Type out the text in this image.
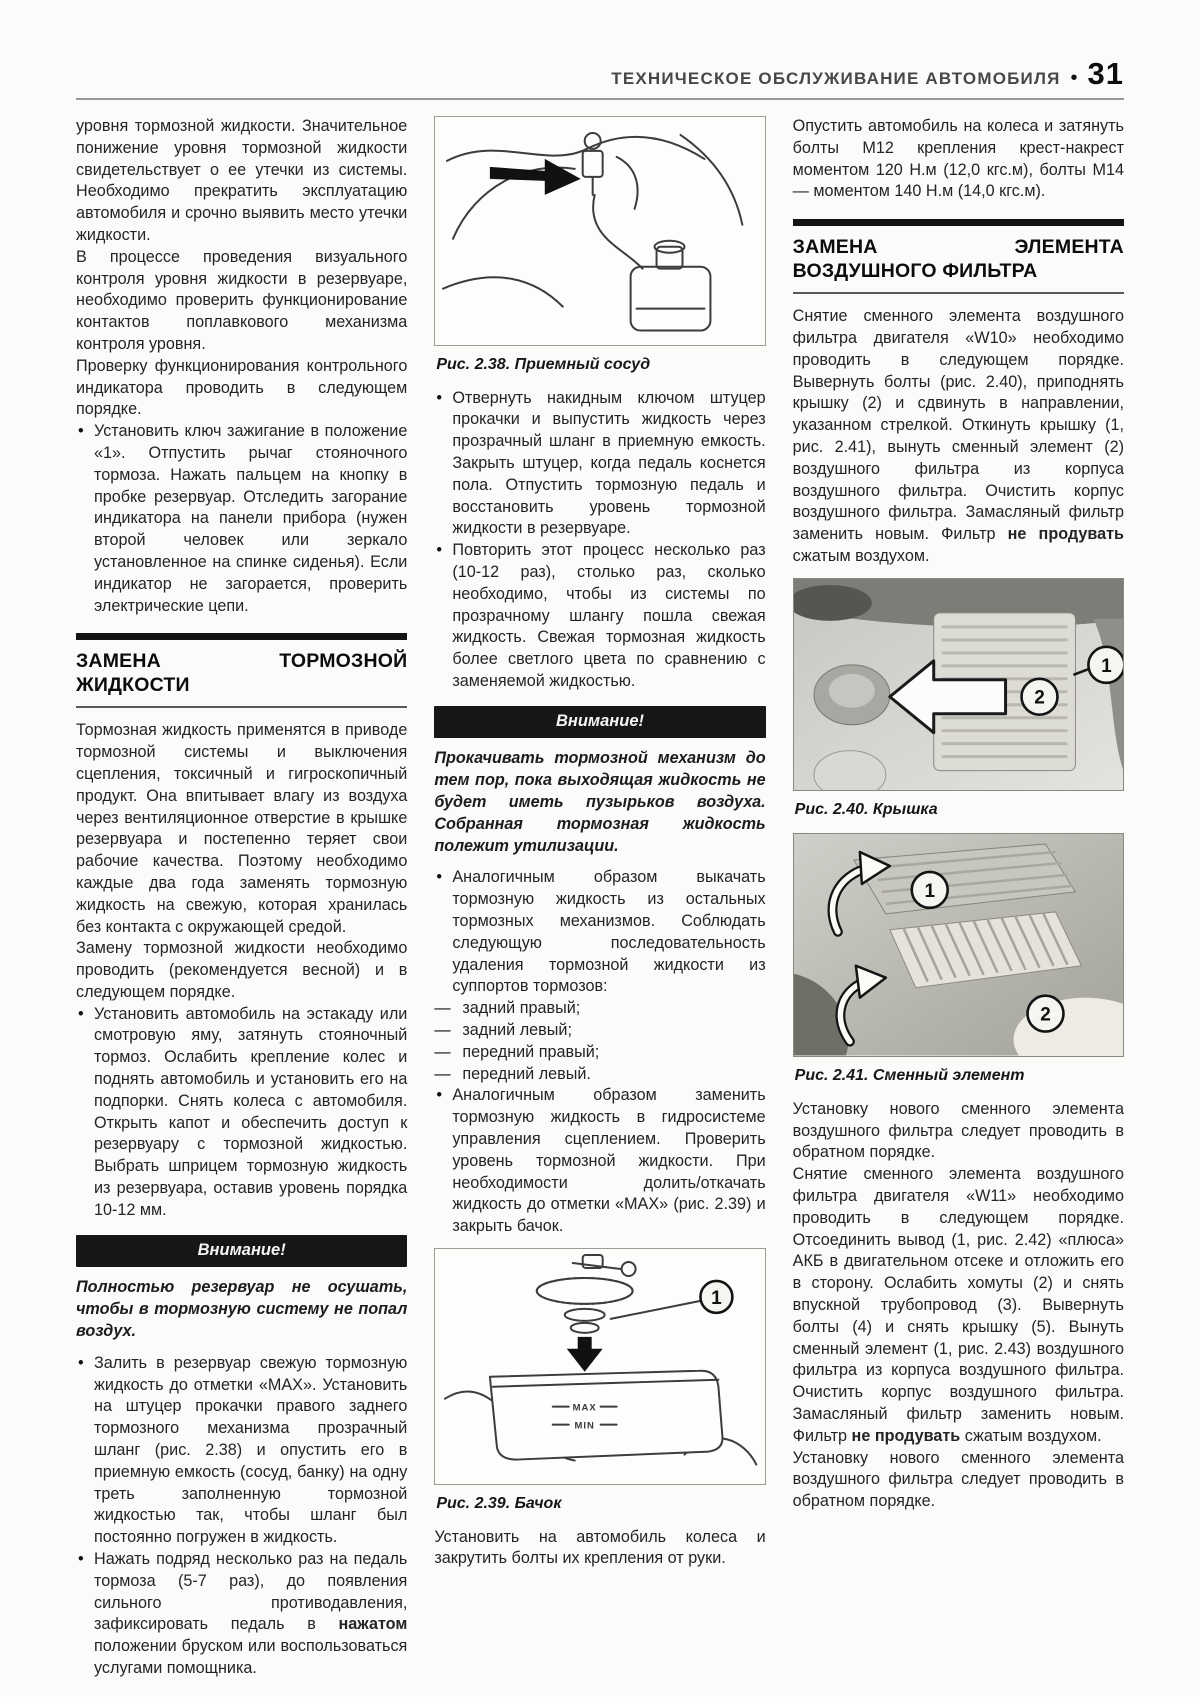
ТЕХНИЧЕСКОЕ ОБСЛУЖИВАНИЕ АВТОМОБИЛЯ • 31

уровня тормозной жидкости. Значительное понижение уровня тормозной жидкости свидетельствует о ее утечки из системы. Необходимо прекратить эксплуатацию автомобиля и срочно выявить место утечки жидкости.

В процессе проведения визуального контроля уровня жидкости в резервуаре, необходимо проверить функционирование контактов поплавкового механизма контроля уровня.

Проверку функционирования контрольного индикатора проводить в следующем порядке.

• Установить ключ зажигание в положение «1». Отпустить рычаг стояночного тормоза. Нажать пальцем на кнопку в пробке резервуар. Отследить загорание индикатора на панели прибора (нужен второй человек или зеркало установленное на спинке сиденья). Если индикатор не загорается, проверить электрические цепи.
ЗАМЕНА ТОРМОЗНОЙ ЖИДКОСТИ

Тормозная жидкость применятся в приводе тормозной системы и выключения сцепления, токсичный и гигроскопичный продукт. Она впитывает влагу из воздуха через вентиляционное отверстие в крышке резервуара и постепенно теряет свои рабочие качества. Поэтому необходимо каждые два года заменять тормозную жидкость на свежую, которая хранилась без контакта с окружающей средой.

Замену тормозной жидкости необходимо проводить (рекомендуется весной) и в следующем порядке.

• Установить автомобиль на эстакаду или смотровую яму, затянуть стояночный тормоз. Ослабить крепление колес и поднять автомобиль и установить его на подпорки. Снять колеса с автомобиля. Открыть капот и обеспечить доступ к резервуару с тормозной жидкостью. Выбрать шприцем тормозную жидкость из резервуара, оставив уровень порядка 10-12 мм.
Внимание!

Полностью резервуар не осушать, чтобы в тормозную систему не попал воздух.

• Залить в резервуар свежую тормозную жидкость до отметки «MAX». Установить на штуцер прокачки правого заднего тормозного механизма прозрачный шланг (рис. 2.38) и опустить его в приемную емкость (сосуд, банку) на одну треть заполненную тормозной жидкостью так, чтобы шланг был постоянно погружен в жидкость.
• Нажать подряд несколько раз на педаль тормоза (5-7 раз), до появления сильного противодавления, зафиксировать педаль в нажатом положении бруском или воспользоваться услугами помощника.
Рис. 2.38. Приемный сосуд
• Отвернуть накидным ключом штуцер прокачки и выпустить жидкость через прозрачный шланг в приемную емкость. Закрыть штуцер, когда педаль коснется пола. Отпустить тормозную педаль и восстановить уровень тормозной жидкости в резервуаре.
• Повторить этот процесс несколько раз (10-12 раз), столько раз, сколько необходимо, чтобы из системы по прозрачному шлангу пошла свежая жидкость. Свежая тормозная жидкость более светлого цвета по сравнению с заменяемой жидкостью.
Внимание!

Прокачивать тормозной механизм до тем пор, пока выходящая жидкость не будет иметь пузырьков воздуха. Собранная тормозная жидкость полежит утилизации.

• Аналогичным образом выкачать тормозную жидкость из остальных тормозных механизмов. Соблюдать следующую последовательность удаления тормозной жидкости из суппортов тормозов:
— задний правый;
— задний левый;
— передний правый;
— передний левый.
• Аналогичным образом заменить тормозную жидкость в гидросистеме управления сцеплением. Проверить уровень тормозной жидкости. При необходимости долить/откачать жидкость до отметки «MAX» (рис. 2.39) и закрыть бачок.
MAX
MIN
1
Рис. 2.39. Бачок

Установить на автомобиль колеса и закрутить болты их крепления от руки.

Опустить автомобиль на колеса и затянуть болты М12 крепления крест-накрест моментом 120 Н.м (12,0 кгс.м), болты М14 — моментом 140 Н.м (14,0 кгс.м).

ЗАМЕНА ЭЛЕМЕНТА ВОЗДУШНОГО ФИЛЬТРА

Снятие сменного элемента воздушного фильтра двигателя «W10» необходимо проводить в следующем порядке. Вывернуть болты (рис. 2.40), приподнять крышку (2) и сдвинуть в направлении, указанном стрелкой. Откинуть крышку (1, рис. 2.41), вынуть сменный элемент (2) воздушного фильтра из корпуса воздушного фильтра. Очистить корпус воздушного фильтра. Замасляный фильтр заменить новым. Фильтр не продувать сжатым воздухом.

2
1
Рис. 2.40. Крышка
1
2
Рис. 2.41. Сменный элемент

Установку нового сменного элемента воздушного фильтра следует проводить в обратном порядке.

Снятие сменного элемента воздушного фильтра двигателя «W11» необходимо проводить в следующем порядке. Отсоединить вывод (1, рис. 2.42) «плюса» АКБ в двигательном отсеке и отложить его в сторону. Ослабить хомуты (2) и снять впускной трубопровод (3). Вывернуть болты (4) и снять крышку (5). Вынуть сменный элемент (1, рис. 2.43) воздушного фильтра из корпуса воздушного фильтра. Очистить корпус воздушного фильтра. Замасляный фильтр заменить новым. Фильтр не продувать сжатым воздухом.

Установку нового сменного элемента воздушного фильтра следует проводить в обратном порядке.
